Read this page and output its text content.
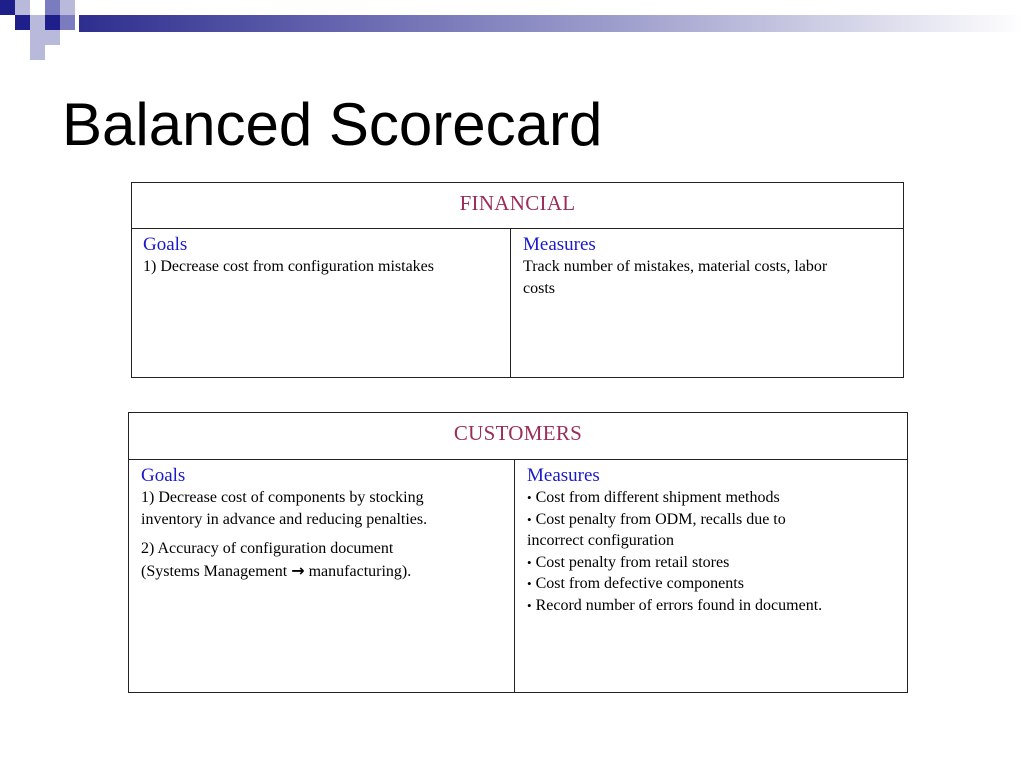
Balanced Scorecard
FINANCIAL
Goals
1) Decrease cost from configuration mistakes
Measures
Track number of mistakes, material costs, labor
costs
CUSTOMERS
Goals
1) Decrease cost of components by stocking
inventory in advance and reducing penalties.
2) Accuracy of configuration document
(Systems Management → manufacturing).
Measures
• Cost from different shipment methods
• Cost penalty from ODM, recalls due to
incorrect configuration
• Cost penalty from retail stores
• Cost from defective components
• Record number of errors found in document.
